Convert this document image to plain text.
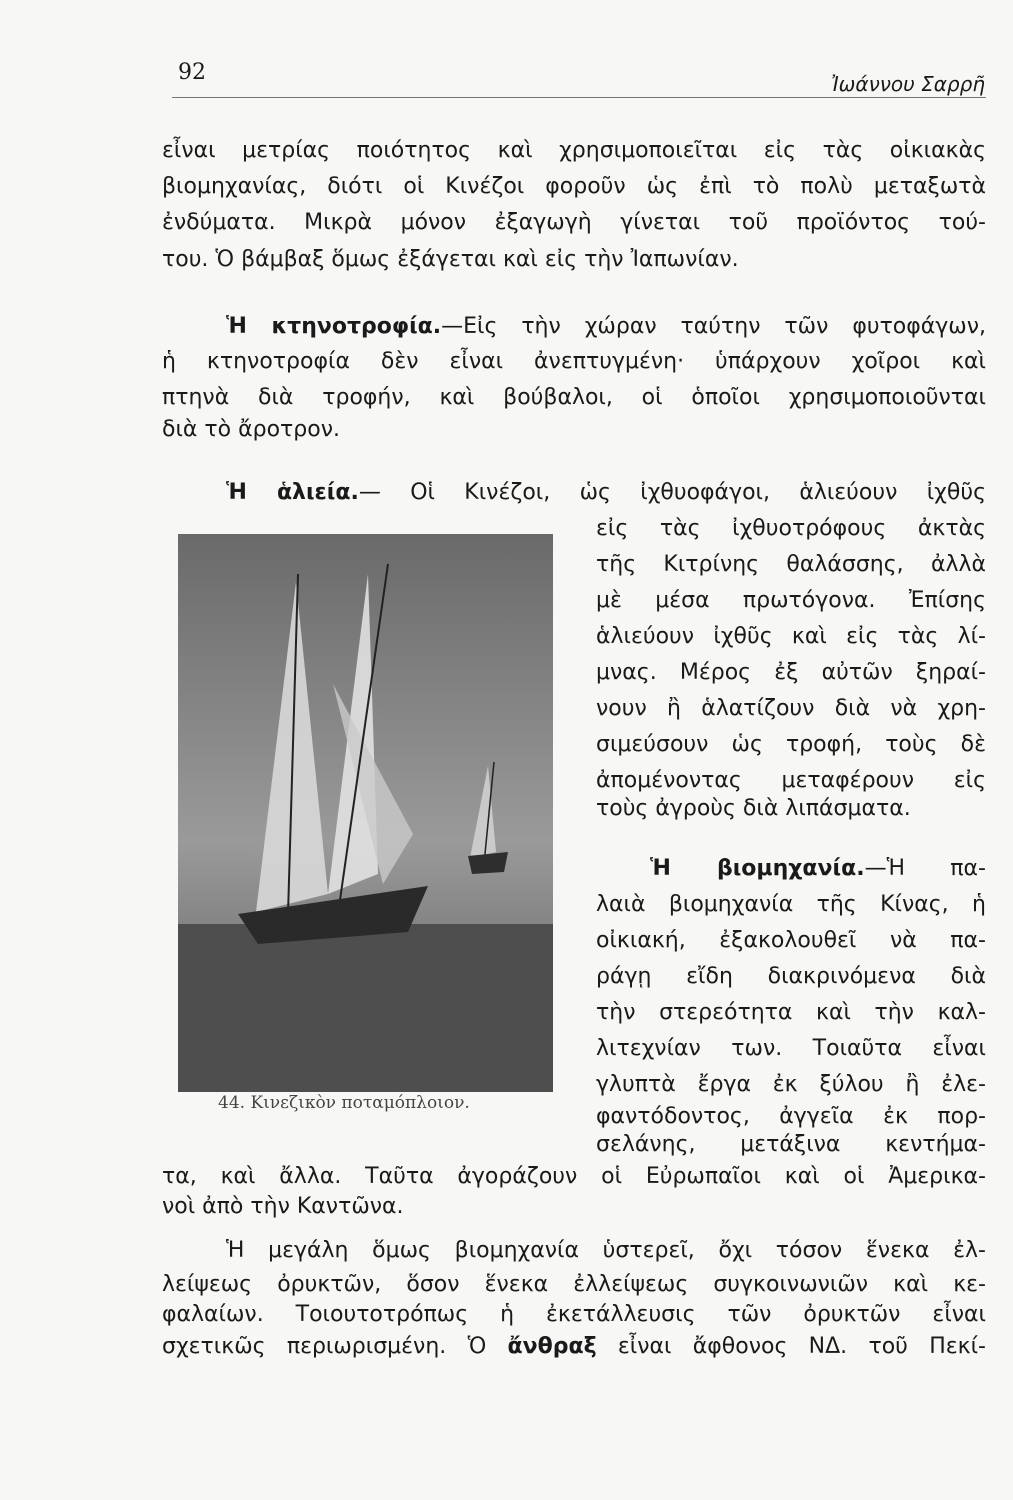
92	Ἰωάννου Σαρρῆ
εἶναι μετρίας ποιότητος καὶ χρησιμοποιεῖται εἰς τὰς οἰκιακὰς
βιομηχανίας, διότι οἱ Κινέζοι φοροῦν ὡς ἐπὶ τὸ πολὺ μεταξωτὰ
ἐνδύματα. Μικρὰ μόνον ἐξαγωγὴ γίνεται τοῦ προϊόντος τού-
του. Ὁ βάμβαξ ὅμως ἐξάγεται καὶ εἰς τὴν Ἰαπωνίαν.
Ἡ κτηνοτροφία.—Εἰς τὴν χώραν ταύτην τῶν φυτοφάγων,
ἡ κτηνοτροφία δὲν εἶναι ἀνεπτυγμένη· ὑπάρχουν χοῖροι καὶ
πτηνὰ διὰ τροφήν, καὶ βούβαλοι, οἱ ὁποῖοι χρησιμοποιοῦνται
διὰ τὸ ἄροτρον.
Ἡ ἁλιεία.— Οἱ Κινέζοι, ὡς ἰχθυοφάγοι, ἁλιεύουν ἰχθῦς
εἰς τὰς ἰχθυοτρόφους ἀκτὰς
τῆς Κιτρίνης θαλάσσης, ἀλλὰ
μὲ μέσα πρωτόγονα. Ἐπίσης
ἁλιεύουν ἰχθῦς καὶ εἰς τὰς λί-
μνας. Μέρος ἐξ αὐτῶν ξηραί-
νουν ἢ ἁλατίζουν διὰ νὰ χρη-
σιμεύσουν ὡς τροφή, τοὺς δὲ
ἀπομένοντας μεταφέρουν εἰς
τοὺς ἀγροὺς διὰ λιπάσματα.
Ἡ βιομηχανία.—Ἡ πα-
λαιὰ βιομηχανία τῆς Κίνας, ἡ
οἰκιακή, ἐξακολουθεῖ νὰ πα-
ράγῃ εἴδη διακρινόμενα διὰ
τὴν στερεότητα καὶ τὴν καλ-
λιτεχνίαν των. Τοιαῦτα εἶναι
γλυπτὰ ἔργα ἐκ ξύλου ἢ ἐλε-
φαντόδοντος, ἀγγεῖα ἐκ πορ-
σελάνης, μετάξινα κεντήμα-
τα, καὶ ἄλλα. Ταῦτα ἀγοράζουν οἱ Εὐρωπαῖοι καὶ οἱ Ἀμερικα-
νοὶ ἀπὸ τὴν Καντῶνα.
Ἡ μεγάλη ὅμως βιομηχανία ὑστερεῖ, ὄχι τόσον ἕνεκα ἐλ-
λείψεως ὀρυκτῶν, ὅσον ἕνεκα ἐλλείψεως συγκοινωνιῶν καὶ κε-
φαλαίων. Τοιουτοτρόπως ἡ ἐκετάλλευσις τῶν ὀρυκτῶν εἶναι
σχετικῶς περιωρισμένη. Ὁ ἄνθραξ εἶναι ἄφθονος ΝΔ. τοῦ Πεκί-
44. Κινεζικὸν ποταμόπλοιον.
